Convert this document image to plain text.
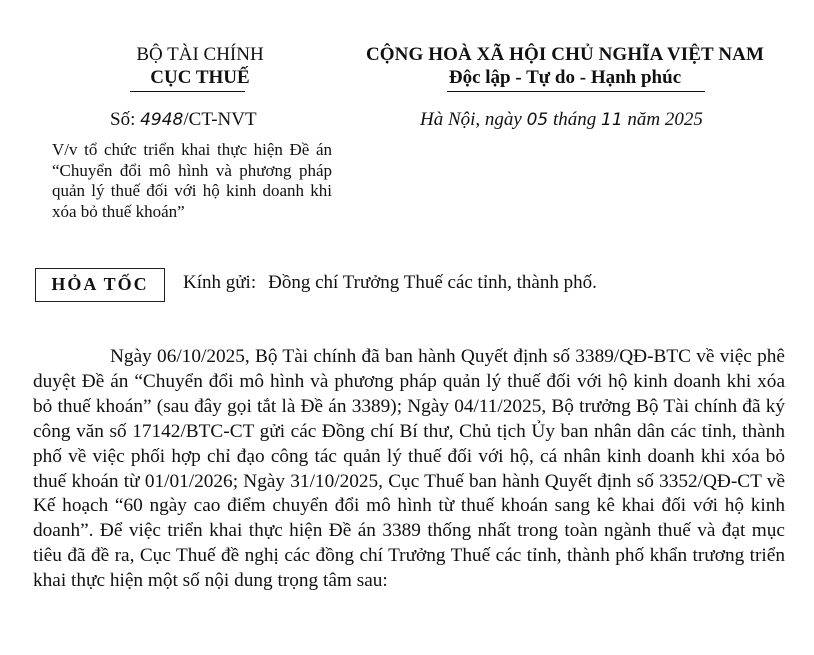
BỘ TÀI CHÍNH
CỤC THUẾ
CỘNG HOÀ XÃ HỘI CHỦ NGHĨA VIỆT NAM
Độc lập - Tự do - Hạnh phúc
Số: 4948/CT-NVT	Hà Nội, ngày 05 tháng 11 năm 2025
V/v tổ chức triển khai thực hiện Đề án “Chuyển đổi mô hình và phương pháp quản lý thuế đối với hộ kinh doanh khi xóa bỏ thuế khoán”
HỎA TỐC	Kính gửi: Đồng chí Trưởng Thuế các tỉnh, thành phố.

Ngày 06/10/2025, Bộ Tài chính đã ban hành Quyết định số 3389/QĐ-BTC về việc phê duyệt Đề án “Chuyển đổi mô hình và phương pháp quản lý thuế đối với hộ kinh doanh khi xóa bỏ thuế khoán” (sau đây gọi tắt là Đề án 3389); Ngày 04/11/2025, Bộ trưởng Bộ Tài chính đã ký công văn số 17142/BTC-CT gửi các Đồng chí Bí thư, Chủ tịch Ủy ban nhân dân các tỉnh, thành phố về việc phối hợp chỉ đạo công tác quản lý thuế đối với hộ, cá nhân kinh doanh khi xóa bỏ thuế khoán từ 01/01/2026; Ngày 31/10/2025, Cục Thuế ban hành Quyết định số 3352/QĐ-CT về Kế hoạch “60 ngày cao điểm chuyển đổi mô hình từ thuế khoán sang kê khai đối với hộ kinh doanh”. Để việc triển khai thực hiện Đề án 3389 thống nhất trong toàn ngành thuế và đạt mục tiêu đã đề ra, Cục Thuế đề nghị các đồng chí Trưởng Thuế các tỉnh, thành phố khẩn trương triển khai thực hiện một số nội dung trọng tâm sau:
